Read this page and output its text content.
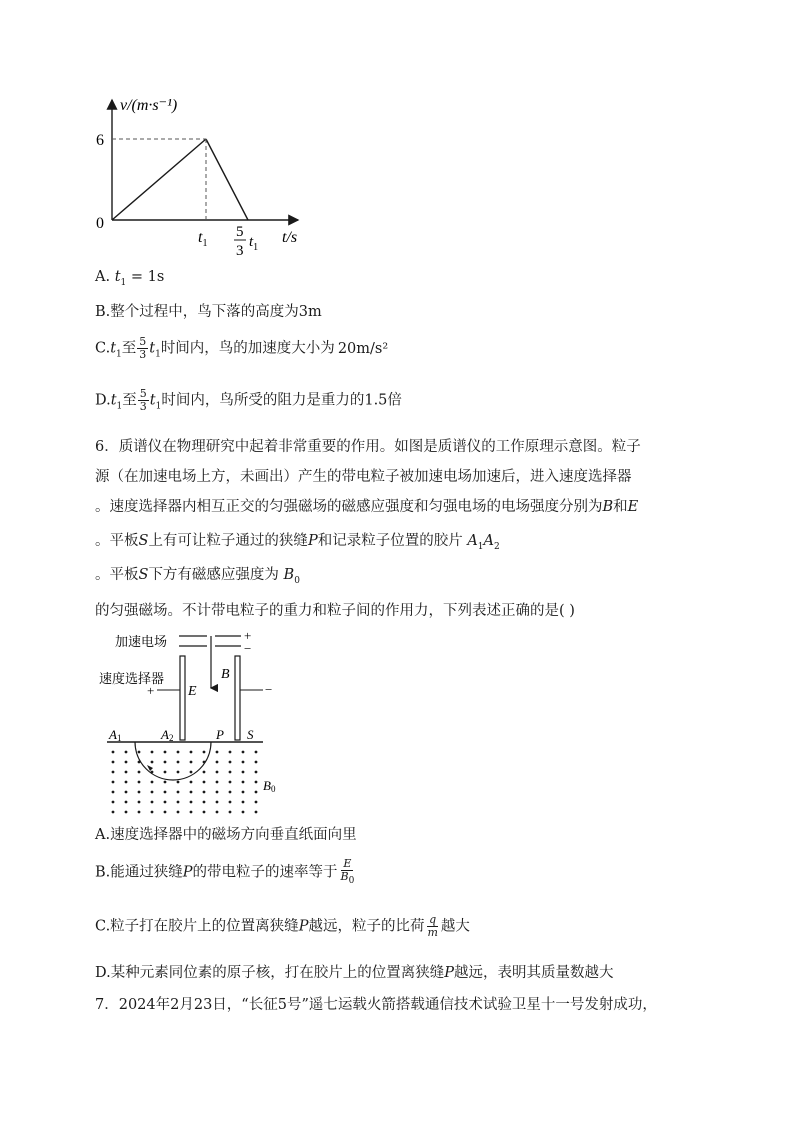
v/(m·s⁻¹)
6
0
$t_1$
5
3
$t_1$
t/s
A. $t_1 = 1s$
B.整个过程中，鸟下落的高度为3m
$C.t_1$至 $\frac{5}{3} t_1$时间内，鸟的加速度大小为 20m/s²
$D.t_1$至 $\frac{5}{3} t_1$时间内，鸟所受的阻力是重力的1.5倍
6．质谱仪在物理研究中起着非常重要的作用。如图是质谱仪的工作原理示意图。粒子
源（在加速电场上方，未画出）产生的带电粒子被加速电场加速后，进入速度选择器
。速度选择器内相互正交的匀强磁场的磁感应强度和匀强电场的电场强度分别为B和E
。平板S上有可让粒子通过的狭缝P和记录粒子位置的胶片 $A_1A_2$
。平板S下方有磁感应强度为 $B_0$
的匀强磁场。不计带电粒子的重力和粒子间的作用力，下列表述正确的是( )
加速电场
速度选择器
+
−
+	−
E
B
A1	A2	P S
B0
A.速度选择器中的磁场方向垂直纸面向里
B.能通过狭缝P的带电粒子的速率等于 $\frac{E}{B_0}$
C.粒子打在胶片上的位置离狭缝P越远，粒子的比荷 $\frac{q}{m}$ 越大
D.某种元素同位素的原子核，打在胶片上的位置离狭缝P越远，表明其质量数越大
7．2024年2月23日，“长征5号”遥七运载火箭搭载通信技术试验卫星十一号发射成功，
